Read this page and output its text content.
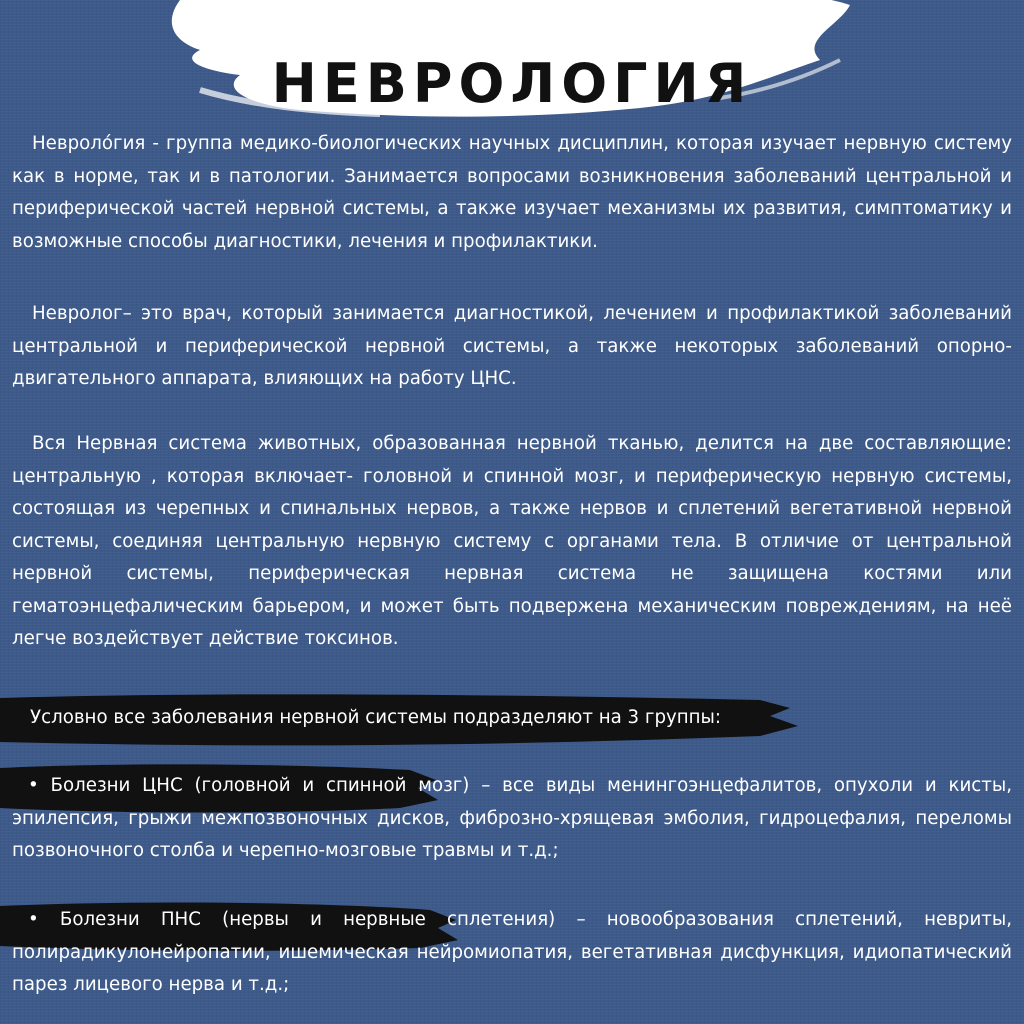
НЕВРОЛОГИЯ

Невроло́гия - группа медико-биологических научных дисциплин, которая изучает нервную систему как в норме, так и в патологии. Занимается вопросами возникновения заболеваний центральной и периферической частей нервной системы, а также изучает механизмы их развития, симптоматику и возможные способы диагностики, лечения и профилактики.

Невролог– это врач, который занимается диагностикой, лечением и профилактикой заболеваний центральной и периферической нервной системы, а также некоторых заболеваний опорно-двигательного аппарата, влияющих на работу ЦНС.

Вся Нервная система животных, образованная нервной тканью, делится на две составляющие: центральную , которая включает- головной и спинной мозг, и периферическую нервную системы, состоящая из черепных и спинальных нервов, а также нервов и сплетений вегетативной нервной системы, соединяя центральную нервную систему с органами тела. В отличие от центральной нервной системы, периферическая нервная система не защищена костями или гематоэнцефалическим барьером, и может быть подвержена механическим повреждениям, на неё легче воздействует действие токсинов.

Условно все заболевания нервной системы подразделяют на 3 группы:

• Болезни ЦНС (головной и спинной мозг) – все виды менингоэнцефалитов, опухоли и кисты, эпилепсия, грыжи межпозвоночных дисков, фиброзно-хрящевая эмболия, гидроцефалия, переломы позвоночного столба и черепно-мозговые травмы и т.д.;

• Болезни ПНС (нервы и нервные сплетения) – новообразования сплетений, невриты, полирадикулонейропатии, ишемическая нейромиопатия, вегетативная дисфункция, идиопатический парез лицевого нерва и т.д.;
